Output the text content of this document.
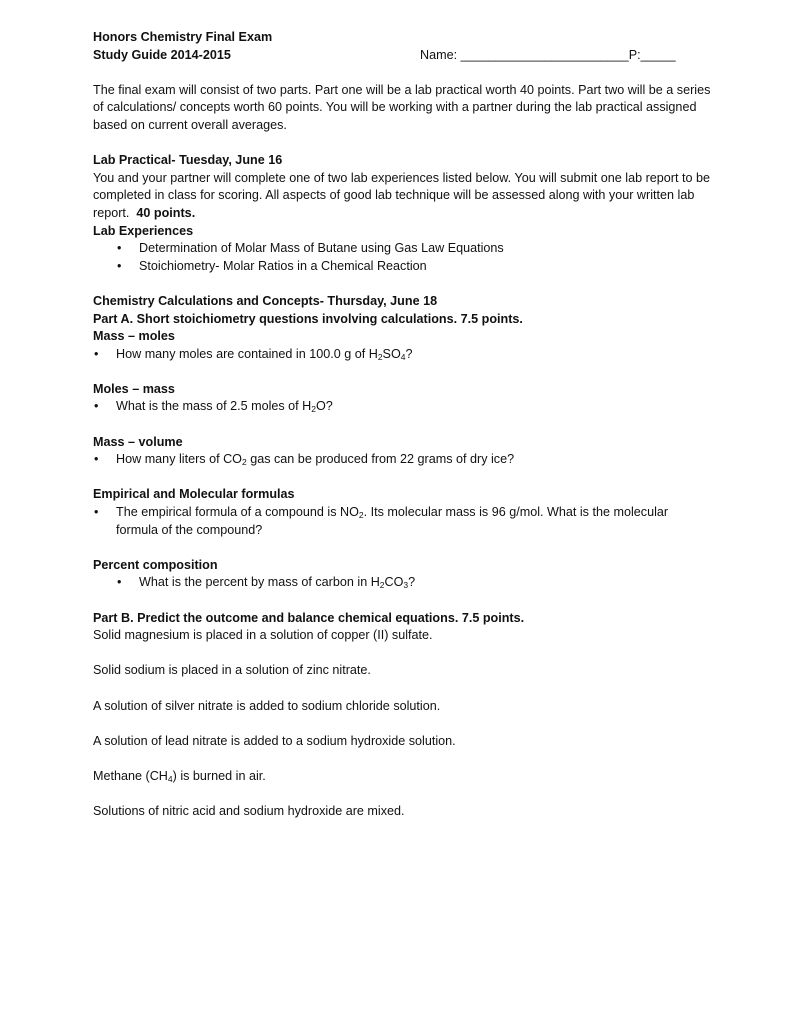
Honors Chemistry Final Exam

Study Guide 2014-2015	Name: ________________________P:_____

The final exam will consist of two parts. Part one will be a lab practical worth 40 points. Part two will be a series of calculations/ concepts worth 60 points. You will be working with a partner during the lab practical assigned based on current overall averages.

Lab Practical- Tuesday, June 16

You and your partner will complete one of two lab experiences listed below. You will submit one lab report to be completed in class for scoring. All aspects of good lab technique will be assessed along with your written lab report. 40 points.

Lab Experiences

• Determination of Molar Mass of Butane using Gas Law Equations
• Stoichiometry- Molar Ratios in a Chemical Reaction

Chemistry Calculations and Concepts- Thursday, June 18

Part A. Short stoichiometry questions involving calculations. 7.5 points.

Mass – moles

• How many moles are contained in 100.0 g of $H_2SO_4$?

Moles – mass

• What is the mass of 2.5 moles of $H_2O$?

Mass – volume

• How many liters of $CO_2$ gas can be produced from 22 grams of dry ice?

Empirical and Molecular formulas

• The empirical formula of a compound is $NO_2$. Its molecular mass is 96 g/mol. What is the molecular formula of the compound?

Percent composition

• What is the percent by mass of carbon in $H_2CO_3$?

Part B. Predict the outcome and balance chemical equations. 7.5 points.

Solid magnesium is placed in a solution of copper (II) sulfate.

Solid sodium is placed in a solution of zinc nitrate.

A solution of silver nitrate is added to sodium chloride solution.

A solution of lead nitrate is added to a sodium hydroxide solution.

Methane $(CH_4)$ is burned in air.

Solutions of nitric acid and sodium hydroxide are mixed.
